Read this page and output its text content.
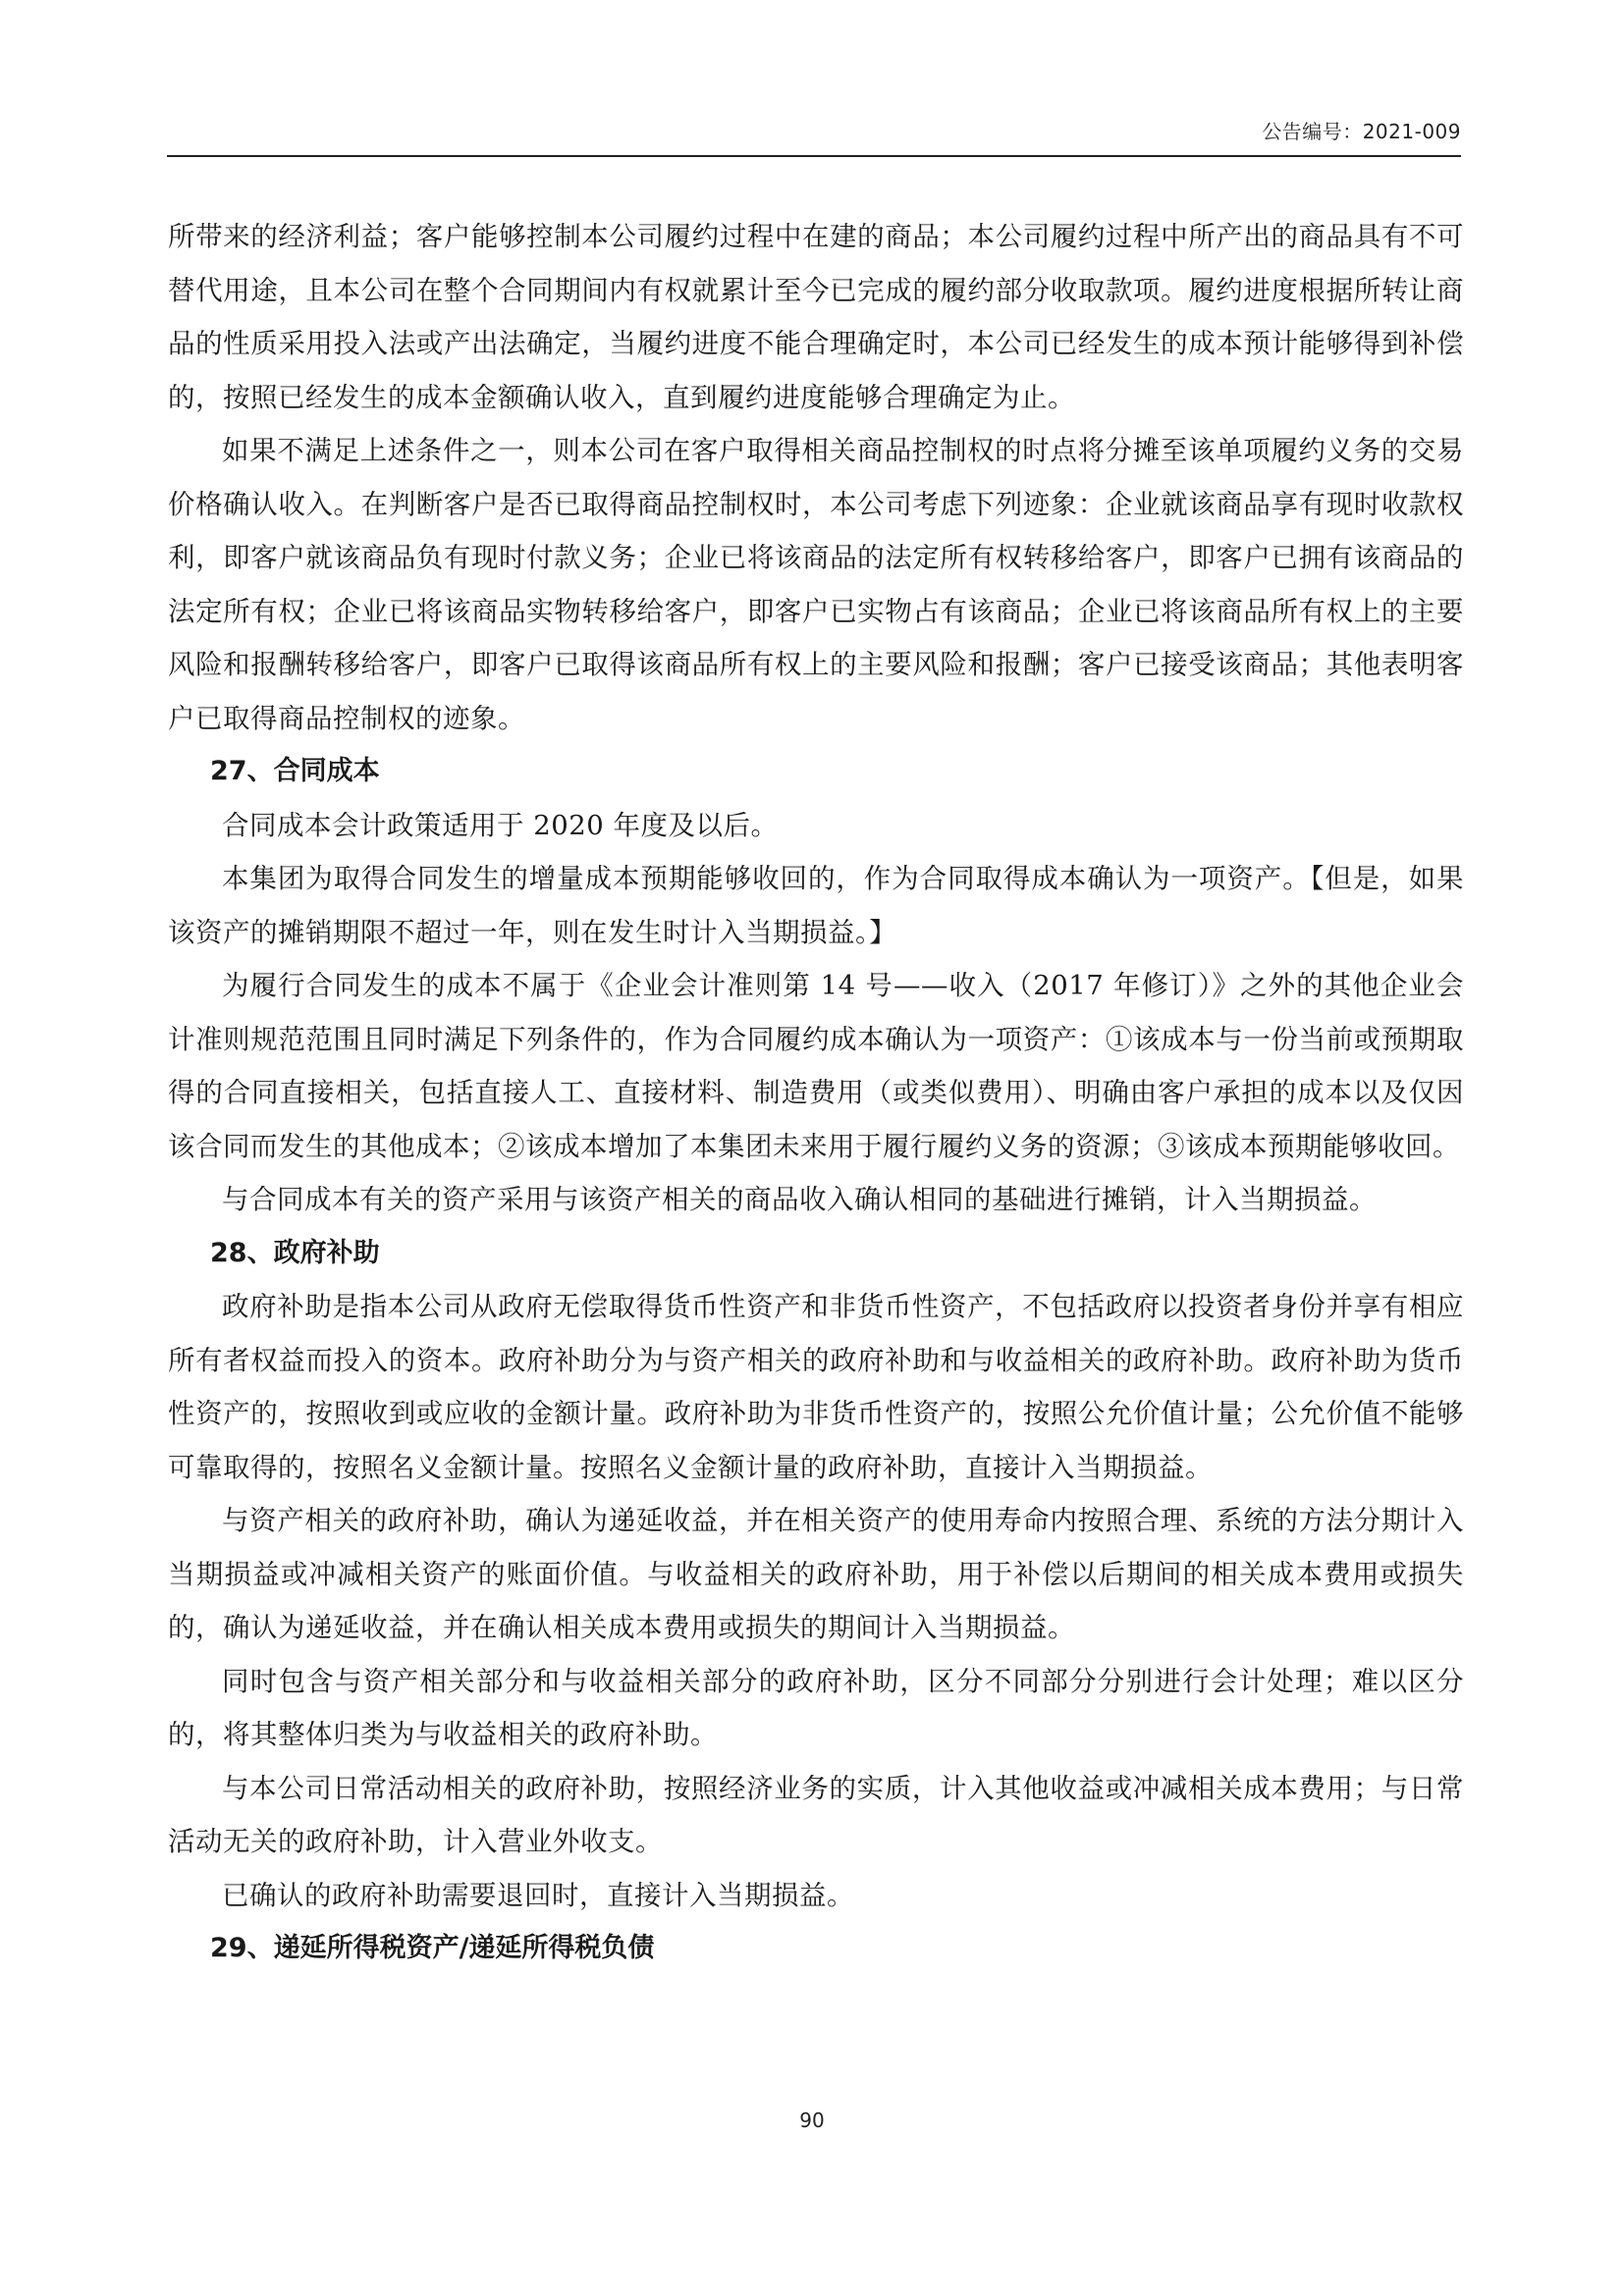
公告编号：2021-009

所带来的经济利益；客户能够控制本公司履约过程中在建的商品；本公司履约过程中所产出的商品具有不可替代用途，且本公司在整个合同期间内有权就累计至今已完成的履约部分收取款项。履约进度根据所转让商品的性质采用投入法或产出法确定，当履约进度不能合理确定时，本公司已经发生的成本预计能够得到补偿的，按照已经发生的成本金额确认收入，直到履约进度能够合理确定为止。

如果不满足上述条件之一，则本公司在客户取得相关商品控制权的时点将分摊至该单项履约义务的交易价格确认收入。在判断客户是否已取得商品控制权时，本公司考虑下列迹象：企业就该商品享有现时收款权利，即客户就该商品负有现时付款义务；企业已将该商品的法定所有权转移给客户，即客户已拥有该商品的法定所有权；企业已将该商品实物转移给客户，即客户已实物占有该商品；企业已将该商品所有权上的主要风险和报酬转移给客户，即客户已取得该商品所有权上的主要风险和报酬；客户已接受该商品；其他表明客户已取得商品控制权的迹象。

27、合同成本

合同成本会计政策适用于 2020 年度及以后。

本集团为取得合同发生的增量成本预期能够收回的，作为合同取得成本确认为一项资产。【但是，如果该资产的摊销期限不超过一年，则在发生时计入当期损益。】

为履行合同发生的成本不属于《企业会计准则第 14 号——收入（2017 年修订）》之外的其他企业会计准则规范范围且同时满足下列条件的，作为合同履约成本确认为一项资产：①该成本与一份当前或预期取得的合同直接相关，包括直接人工、直接材料、制造费用（或类似费用）、明确由客户承担的成本以及仅因该合同而发生的其他成本；②该成本增加了本集团未来用于履行履约义务的资源；③该成本预期能够收回。

与合同成本有关的资产采用与该资产相关的商品收入确认相同的基础进行摊销，计入当期损益。

28、政府补助

政府补助是指本公司从政府无偿取得货币性资产和非货币性资产，不包括政府以投资者身份并享有相应所有者权益而投入的资本。政府补助分为与资产相关的政府补助和与收益相关的政府补助。政府补助为货币性资产的，按照收到或应收的金额计量。政府补助为非货币性资产的，按照公允价值计量；公允价值不能够可靠取得的，按照名义金额计量。按照名义金额计量的政府补助，直接计入当期损益。

与资产相关的政府补助，确认为递延收益，并在相关资产的使用寿命内按照合理、系统的方法分期计入当期损益或冲减相关资产的账面价值。与收益相关的政府补助，用于补偿以后期间的相关成本费用或损失的，确认为递延收益，并在确认相关成本费用或损失的期间计入当期损益。

同时包含与资产相关部分和与收益相关部分的政府补助，区分不同部分分别进行会计处理；难以区分的，将其整体归类为与收益相关的政府补助。

与本公司日常活动相关的政府补助，按照经济业务的实质，计入其他收益或冲减相关成本费用；与日常活动无关的政府补助，计入营业外收支。

已确认的政府补助需要退回时，直接计入当期损益。

29、递延所得税资产/递延所得税负债

90
